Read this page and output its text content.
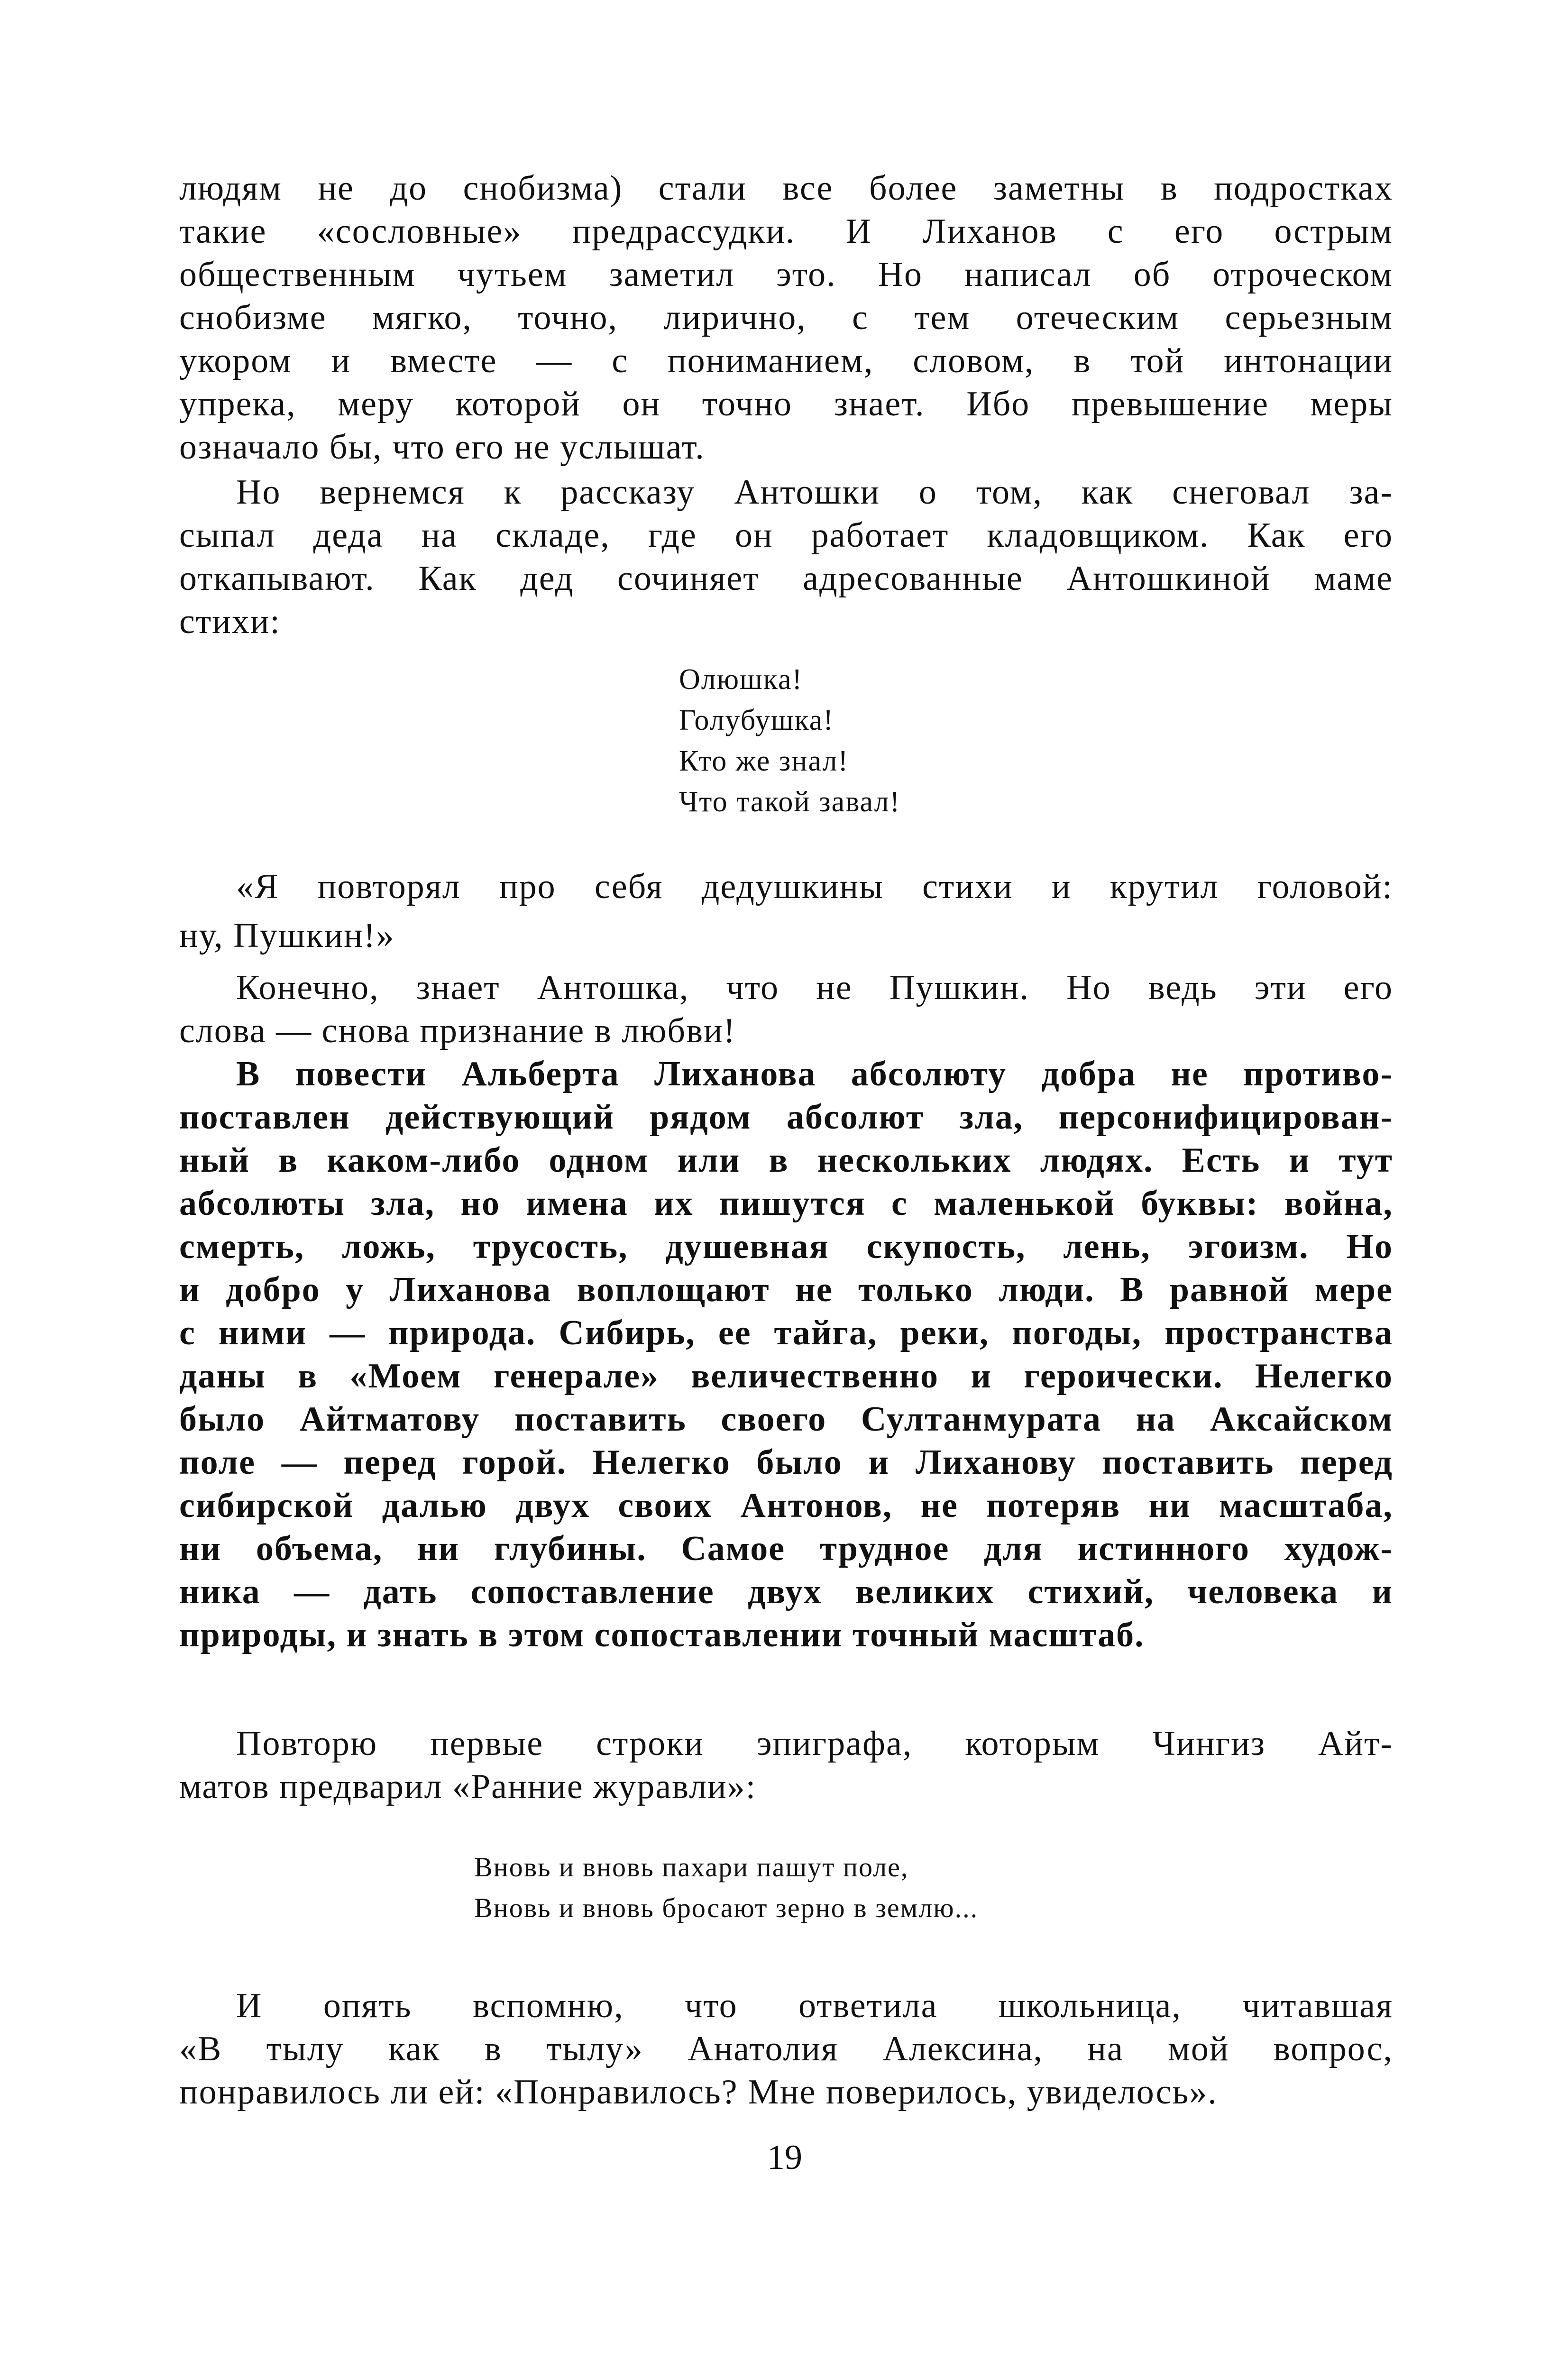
людям не до снобизма) стали все более заметны в подростках
такие «сословные» предрассудки. И Лиханов с его острым
общественным чутьем заметил это. Но написал об отроческом
снобизме мягко, точно, лирично, с тем отеческим серьезным
укором и вместе — с пониманием, словом, в той интонации
упрека, меру которой он точно знает. Ибо превышение меры
означало бы, что его не услышат.
Но вернемся к рассказу Антошки о том, как снеговал за-
сыпал деда на складе, где он работает кладовщиком. Как его
откапывают. Как дед сочиняет адресованные Антошкиной маме
стихи:
Олюшка!
Голубушка!
Кто же знал!
Что такой завал!
«Я повторял про себя дедушкины стихи и крутил головой:
ну, Пушкин!»
Конечно, знает Антошка, что не Пушкин. Но ведь эти его
слова — снова признание в любви!
В повести Альберта Лиханова абсолюту добра не противо-
поставлен действующий рядом абсолют зла, персонифицирован-
ный в каком-либо одном или в нескольких людях. Есть и тут
абсолюты зла, но имена их пишутся с маленькой буквы: война,
смерть, ложь, трусость, душевная скупость, лень, эгоизм. Но
и добро у Лиханова воплощают не только люди. В равной мере
с ними — природа. Сибирь, ее тайга, реки, погоды, пространства
даны в «Моем генерале» величественно и героически. Нелегко
было Айтматову поставить своего Султанмурата на Аксайском
поле — перед горой. Нелегко было и Лиханову поставить перед
сибирской далью двух своих Антонов, не потеряв ни масштаба,
ни объема, ни глубины. Самое трудное для истинного худож-
ника — дать сопоставление двух великих стихий, человека и
природы, и знать в этом сопоставлении точный масштаб.
Повторю первые строки эпиграфа, которым Чингиз Айт-
матов предварил «Ранние журавли»:
Вновь и вновь пахари пашут поле,
Вновь и вновь бросают зерно в землю...
И опять вспомню, что ответила школьница, читавшая
«В тылу как в тылу» Анатолия Алексина, на мой вопрос,
понравилось ли ей: «Понравилось? Мне поверилось, увиделось».
19
